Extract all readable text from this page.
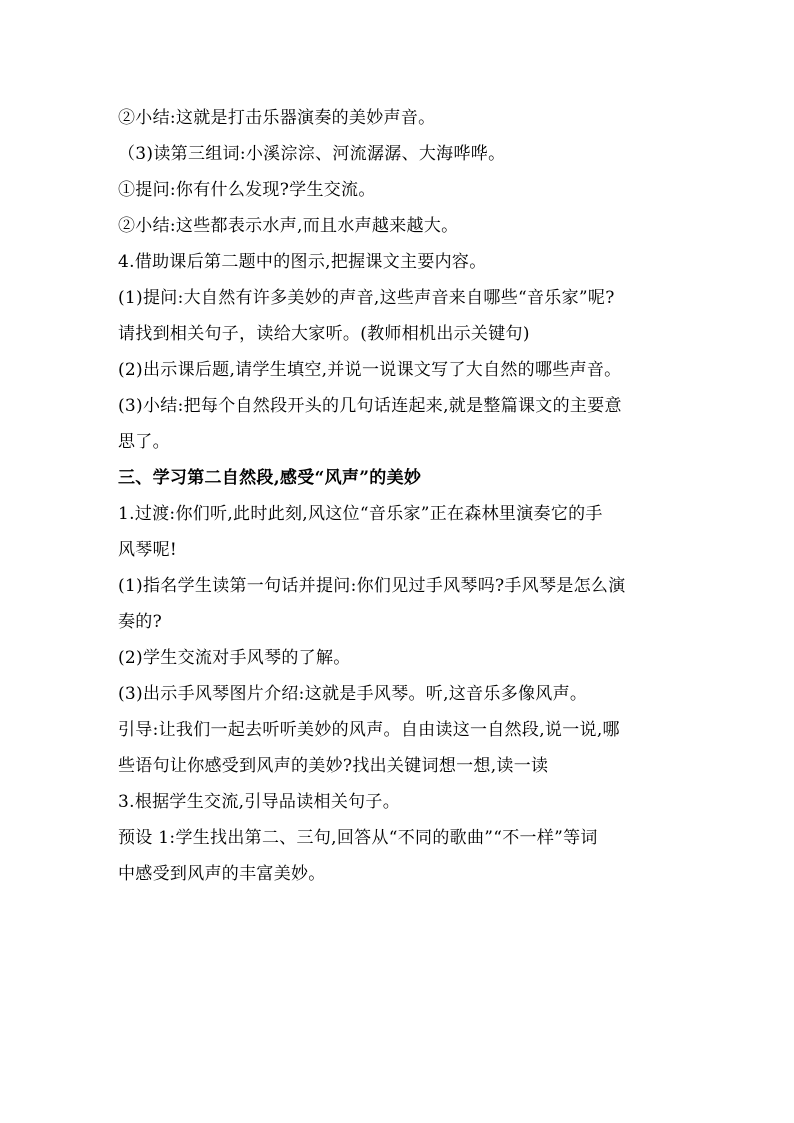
②小结:这就是打击乐器演奏的美妙声音。

（3)读第三组词:小溪淙淙、河流潺潺、大海哗哗。

①提问:你有什么发现?学生交流。

②小结:这些都表示水声,而且水声越来越大。

4.借助课后第二题中的图示,把握课文主要内容。

(1)提问:大自然有许多美妙的声音,这些声音来自哪些“音乐家”呢?

请找到相关句子，读给大家听。(教师相机出示关键句)

(2)出示课后题,请学生填空,并说一说课文写了大自然的哪些声音。

(3)小结:把每个自然段开头的几句话连起来,就是整篇课文的主要意

思了。

三、学习第二自然段,感受“风声”的美妙

1.过渡:你们听,此时此刻,风这位“音乐家”正在森林里演奏它的手

风琴呢!

(1)指名学生读第一句话并提问:你们见过手风琴吗?手风琴是怎么演

奏的?

(2)学生交流对手风琴的了解。

(3)出示手风琴图片介绍:这就是手风琴。听,这音乐多像风声。

引导:让我们一起去听听美妙的风声。自由读这一自然段,说一说,哪

些语句让你感受到风声的美妙?找出关键词想一想,读一读

3.根据学生交流,引导品读相关句子。

预设 1:学生找出第二、三句,回答从“不同的歌曲”“不一样”等词

中感受到风声的丰富美妙。
